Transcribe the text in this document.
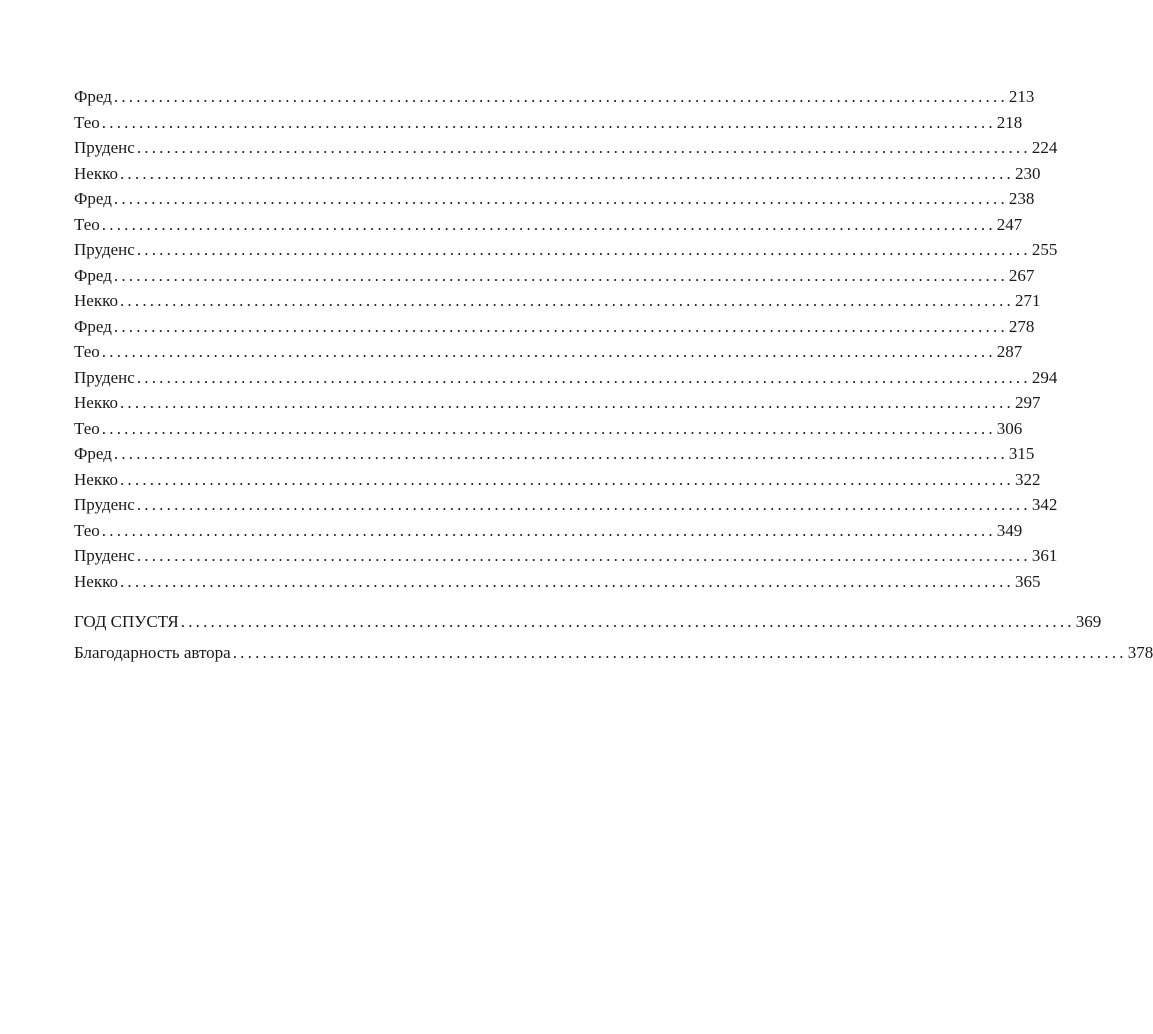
Фред ........................................................................................................................ 213
Тео ........................................................................................................................ 218
Пруденс ........................................................................................................................ 224
Некко ........................................................................................................................ 230
Фред ........................................................................................................................ 238
Тео ........................................................................................................................ 247
Пруденс ........................................................................................................................ 255
Фред ........................................................................................................................ 267
Некко ........................................................................................................................ 271
Фред ........................................................................................................................ 278
Тео ........................................................................................................................ 287
Пруденс ........................................................................................................................ 294
Некко ........................................................................................................................ 297
Тео ........................................................................................................................ 306
Фред ........................................................................................................................ 315
Некко ........................................................................................................................ 322
Пруденс ........................................................................................................................ 342
Тео ........................................................................................................................ 349
Пруденс ........................................................................................................................ 361
Некко ........................................................................................................................ 365
ГОД СПУСТЯ ........................................................................................................................ 369
Благодарность автора ........................................................................................................................ 378
